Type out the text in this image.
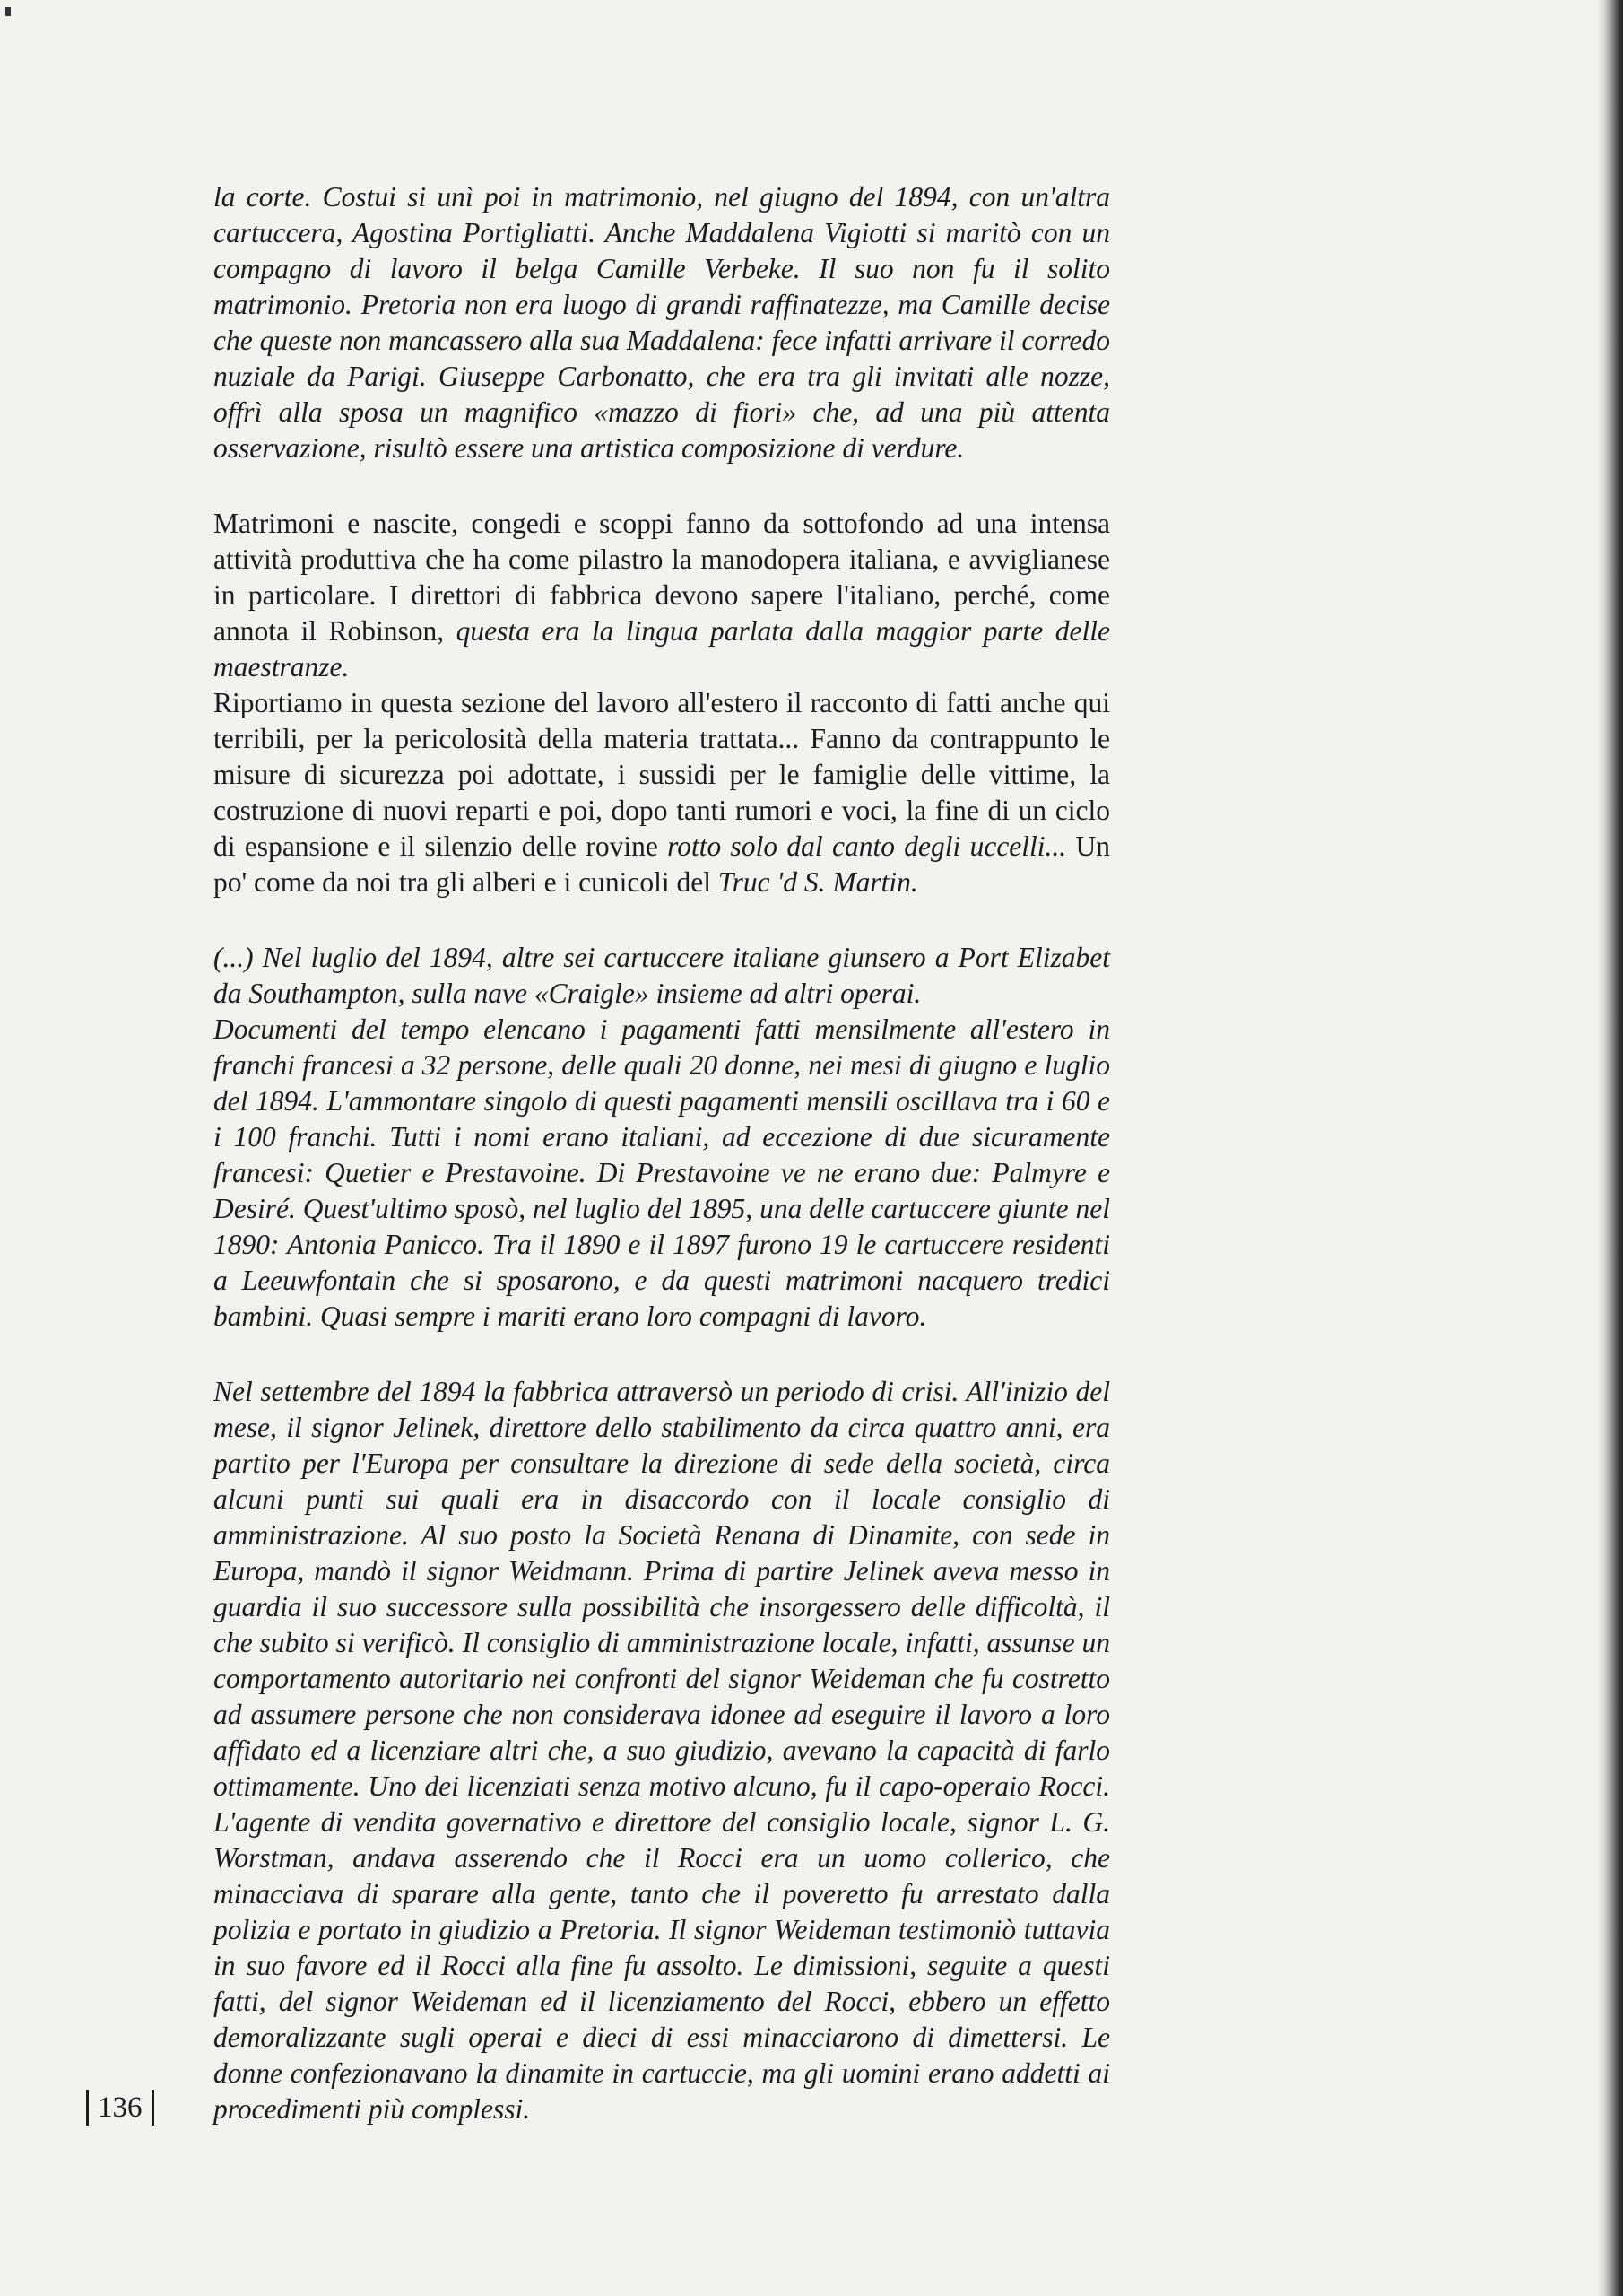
la corte. Costui si unì poi in matrimonio, nel giugno del 1894, con un'altra cartuccera, Agostina Portigliatti. Anche Maddalena Vigiotti si maritò con un compagno di lavoro il belga Camille Verbeke. Il suo non fu il solito matrimonio. Pretoria non era luogo di grandi raffinatezze, ma Camille decise che queste non mancassero alla sua Maddalena: fece infatti arrivare il corredo nuziale da Parigi. Giuseppe Carbonatto, che era tra gli invitati alle nozze, offrì alla sposa un magnifico «mazzo di fiori» che, ad una più attenta osservazione, risultò essere una artistica composizione di verdure.

Matrimoni e nascite, congedi e scoppi fanno da sottofondo ad una intensa attività produttiva che ha come pilastro la manodopera italiana, e avviglianese in particolare. I direttori di fabbrica devono sapere l'italiano, perché, come annota il Robinson, questa era la lingua parlata dalla maggior parte delle maestranze.

Riportiamo in questa sezione del lavoro all'estero il racconto di fatti anche qui terribili, per la pericolosità della materia trattata... Fanno da contrappunto le misure di sicurezza poi adottate, i sussidi per le famiglie delle vittime, la costruzione di nuovi reparti e poi, dopo tanti rumori e voci, la fine di un ciclo di espansione e il silenzio delle rovine rotto solo dal canto degli uccelli... Un po' come da noi tra gli alberi e i cunicoli del Truc 'd S. Martin.

(...) Nel luglio del 1894, altre sei cartuccere italiane giunsero a Port Elizabet da Southampton, sulla nave «Craigle» insieme ad altri operai.

Documenti del tempo elencano i pagamenti fatti mensilmente all'estero in franchi francesi a 32 persone, delle quali 20 donne, nei mesi di giugno e luglio del 1894. L'ammontare singolo di questi pagamenti mensili oscillava tra i 60 e i 100 franchi. Tutti i nomi erano italiani, ad eccezione di due sicuramente francesi: Quetier e Prestavoine. Di Prestavoine ve ne erano due: Palmyre e Desiré. Quest'ultimo sposò, nel luglio del 1895, una delle cartuccere giunte nel 1890: Antonia Panicco. Tra il 1890 e il 1897 furono 19 le cartuccere residenti a Leeuwfontain che si sposarono, e da questi matrimoni nacquero tredici bambini. Quasi sempre i mariti erano loro compagni di lavoro.

Nel settembre del 1894 la fabbrica attraversò un periodo di crisi. All'inizio del mese, il signor Jelinek, direttore dello stabilimento da circa quattro anni, era partito per l'Europa per consultare la direzione di sede della società, circa alcuni punti sui quali era in disaccordo con il locale consiglio di amministrazione. Al suo posto la Società Renana di Dinamite, con sede in Europa, mandò il signor Weidmann. Prima di partire Jelinek aveva messo in guardia il suo successore sulla possibilità che insorgessero delle difficoltà, il che subito si verificò. Il consiglio di amministrazione locale, infatti, assunse un comportamento autoritario nei confronti del signor Weideman che fu costretto ad assumere persone che non considerava idonee ad eseguire il lavoro a loro affidato ed a licenziare altri che, a suo giudizio, avevano la capacità di farlo ottimamente. Uno dei licenziati senza motivo alcuno, fu il capo-operaio Rocci. L'agente di vendita governativo e direttore del consiglio locale, signor L. G. Worstman, andava asserendo che il Rocci era un uomo collerico, che minacciava di sparare alla gente, tanto che il poveretto fu arrestato dalla polizia e portato in giudizio a Pretoria. Il signor Weideman testimoniò tuttavia in suo favore ed il Rocci alla fine fu assolto. Le dimissioni, seguite a questi fatti, del signor Weideman ed il licenziamento del Rocci, ebbero un effetto demoralizzante sugli operai e dieci di essi minacciarono di dimettersi. Le donne confezionavano la dinamite in cartuccie, ma gli uomini erano addetti ai procedimenti più complessi.

136
